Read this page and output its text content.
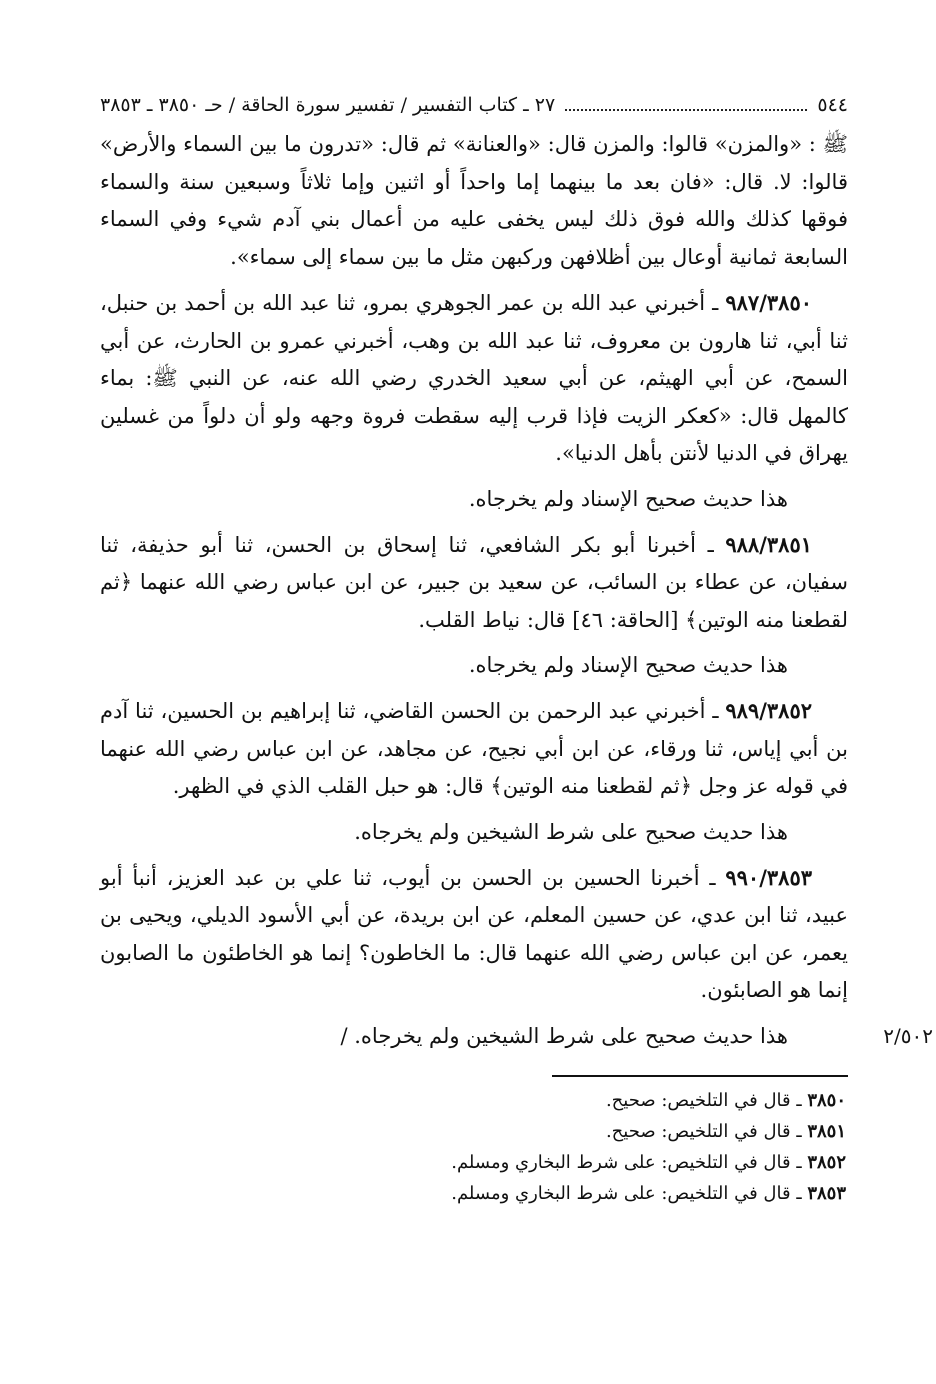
٥٤٤
٢٧ ـ كتاب التفسير / تفسير سورة الحاقة / حـ ٣٨٥٠ ـ ٣٨٥٣

ﷺ : «والمزن» قالوا: والمزن قال: «والعنانة» ثم قال: «تدرون ما بين السماء والأرض» قالوا: لا. قال: «فان بعد ما بينهما إما واحداً أو اثنين وإما ثلاثاً وسبعين سنة والسماء فوقها كذلك والله فوق ذلك ليس يخفى عليه من أعمال بني آدم شيء وفي السماء السابعة ثمانية أوعال بين أظلافهن وركبهن مثل ما بين سماء إلى سماء».

٩٨٧/٣٨٥٠ ـ أخبرني عبد الله بن عمر الجوهري بمرو، ثنا عبد الله بن أحمد بن حنبل، ثنا أبي، ثنا هارون بن معروف، ثنا عبد الله بن وهب، أخبرني عمرو بن الحارث، عن أبي السمح، عن أبي الهيثم، عن أبي سعيد الخدري رضي الله عنه، عن النبي ﷺ: بماء كالمهل قال: «كعكر الزيت فإذا قرب إليه سقطت فروة وجهه ولو أن دلواً من غسلين يهراق في الدنيا لأنتن بأهل الدنيا».

هذا حديث صحيح الإسناد ولم يخرجاه.

٩٨٨/٣٨٥١ ـ أخبرنا أبو بكر الشافعي، ثنا إسحاق بن الحسن، ثنا أبو حذيفة، ثنا سفيان، عن عطاء بن السائب، عن سعيد بن جبير، عن ابن عباس رضي الله عنهما ﴿ثم لقطعنا منه الوتين﴾ [الحاقة: ٤٦] قال: نياط القلب.

هذا حديث صحيح الإسناد ولم يخرجاه.

٩٨٩/٣٨٥٢ ـ أخبرني عبد الرحمن بن الحسن القاضي، ثنا إبراهيم بن الحسين، ثنا آدم بن أبي إياس، ثنا ورقاء، عن ابن أبي نجيح، عن مجاهد، عن ابن عباس رضي الله عنهما في قوله عز وجل ﴿ثم لقطعنا منه الوتين﴾ قال: هو حبل القلب الذي في الظهر.

هذا حديث صحيح على شرط الشيخين ولم يخرجاه.

٩٩٠/٣٨٥٣ ـ أخبرنا الحسين بن الحسن بن أيوب، ثنا علي بن عبد العزيز، أنبأ أبو عبيد، ثنا ابن عدي، عن حسين المعلم، عن ابن بريدة، عن أبي الأسود الديلي، ويحيى بن يعمر، عن ابن عباس رضي الله عنهما قال: ما الخاطون؟ إنما هو الخاطئون ما الصابون إنما هو الصابئون.

٢/٥٠٢

هذا حديث صحيح على شرط الشيخين ولم يخرجاه. /

٣٨٥٠ ـ قال في التلخيص: صحيح.

٣٨٥١ ـ قال في التلخيص: صحيح.

٣٨٥٢ ـ قال في التلخيص: على شرط البخاري ومسلم.

٣٨٥٣ ـ قال في التلخيص: على شرط البخاري ومسلم.
